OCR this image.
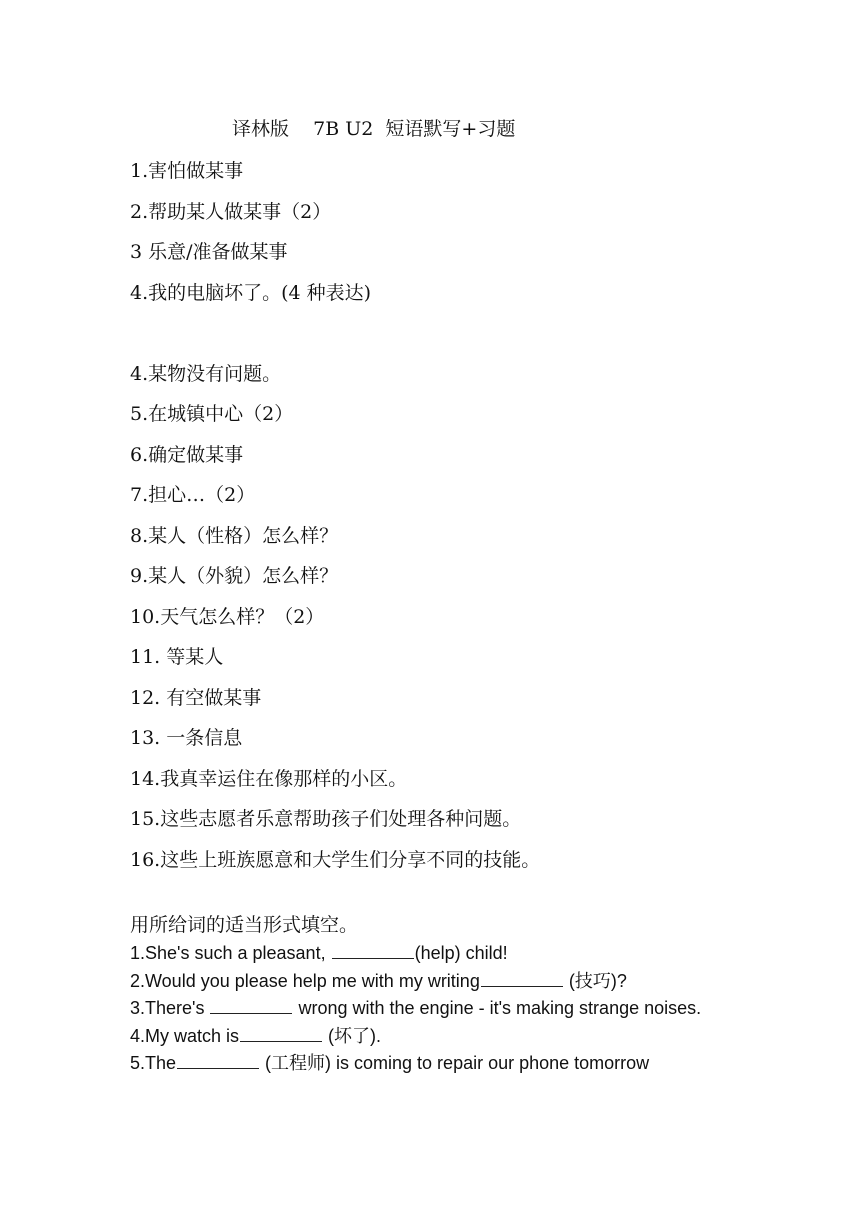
译林版    7B U2  短语默写+习题
1.害怕做某事
2.帮助某人做某事（2）
3 乐意/准备做某事
4.我的电脑坏了。(4 种表达)
4.某物没有问题。
5.在城镇中心（2）
6.确定做某事
7.担心…（2）
8.某人（性格）怎么样？
9.某人（外貌）怎么样？
10.天气怎么样？（2）
11. 等某人
12. 有空做某事
13. 一条信息
14.我真幸运住在像那样的小区。
15.这些志愿者乐意帮助孩子们处理各种问题。
16.这些上班族愿意和大学生们分享不同的技能。
用所给词的适当形式填空。
1.She's such a pleasant,	(help) child!
2.Would you please help me with my writing	(技巧)?
3.There's	wrong with the engine - it's making strange noises.
4.My watch is	(坏了).
5.The	(工程师) is coming to repair our phone tomorrow
